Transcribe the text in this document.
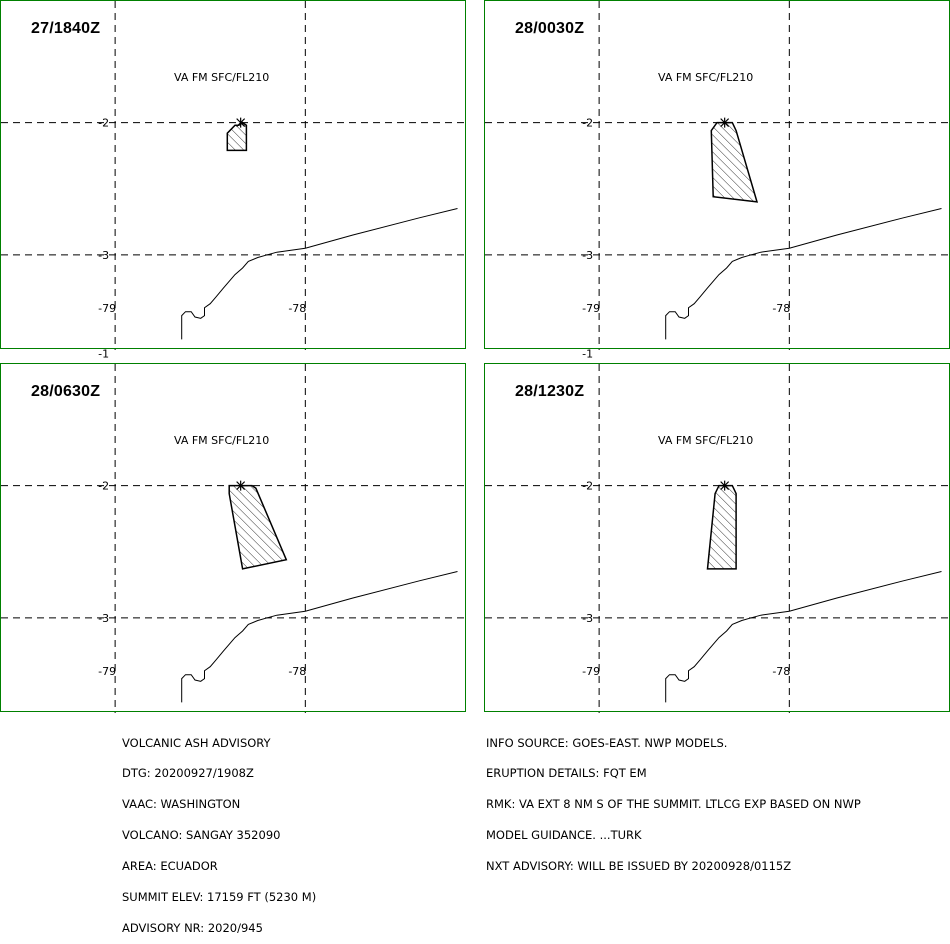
27/1840Z
VA FM SFC/FL210
-2
-3
-79	-78
28/0030Z
VA FM SFC/FL210
-2
-3
-79	-78
28/0630Z
VA FM SFC/FL210
-1
-2
-3
-79	-78
28/1230Z
VA FM SFC/FL210
-1
-2
-3
-79	-78

VOLCANIC ASH ADVISORY

DTG: 20200927/1908Z

VAAC: WASHINGTON

VOLCANO: SANGAY 352090

AREA: ECUADOR

SUMMIT ELEV: 17159 FT (5230 M)

ADVISORY NR: 2020/945

INFO SOURCE: GOES-EAST. NWP MODELS.

ERUPTION DETAILS: FQT EM

RMK: VA EXT 8 NM S OF THE SUMMIT. LTLCG EXP BASED ON NWP

MODEL GUIDANCE. ...TURK

NXT ADVISORY: WILL BE ISSUED BY 20200928/0115Z
